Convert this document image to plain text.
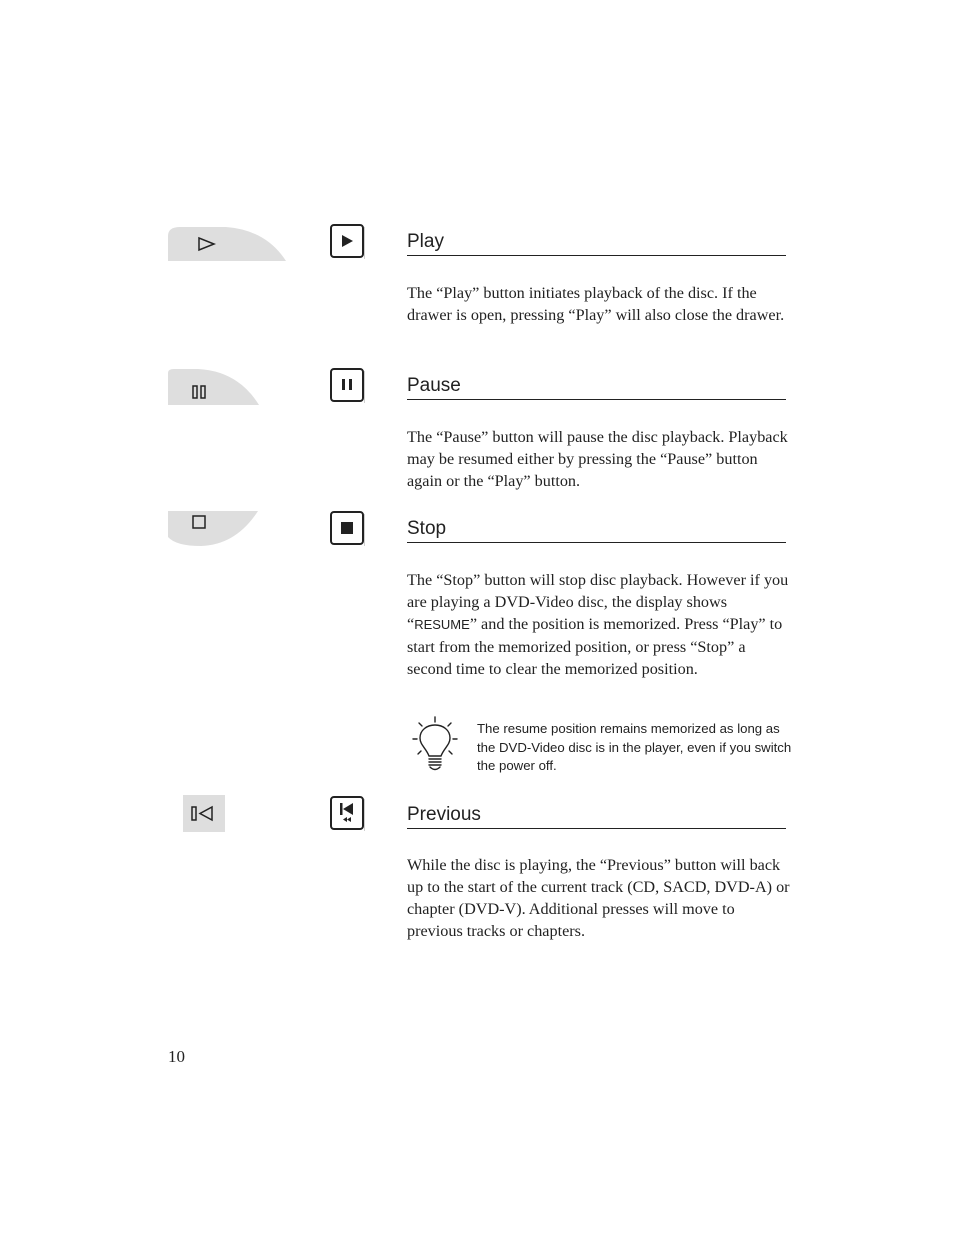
Play
The “Play” button initiates playback of the disc. If the drawer is open, pressing “Play” will also close the drawer.
Pause
The “Pause” button will pause the disc playback. Playback may be resumed either by pressing the “Pause” button again or the “Play” button.
Stop
The “Stop” button will stop disc playback. However if you are playing a DVD-Video disc, the display shows “RESUME” and the position is memorized. Press “Play” to start from the memorized position, or press “Stop” a second time to clear the memorized position.
The resume position remains memorized as long as the DVD-Video disc is in the player, even if you switch the power off.
Previous
While the disc is playing, the “Previous” button will back up to the start of the current track (CD, SACD, DVD-A) or chapter (DVD-V). Additional presses will move to previous tracks or chapters.
10
